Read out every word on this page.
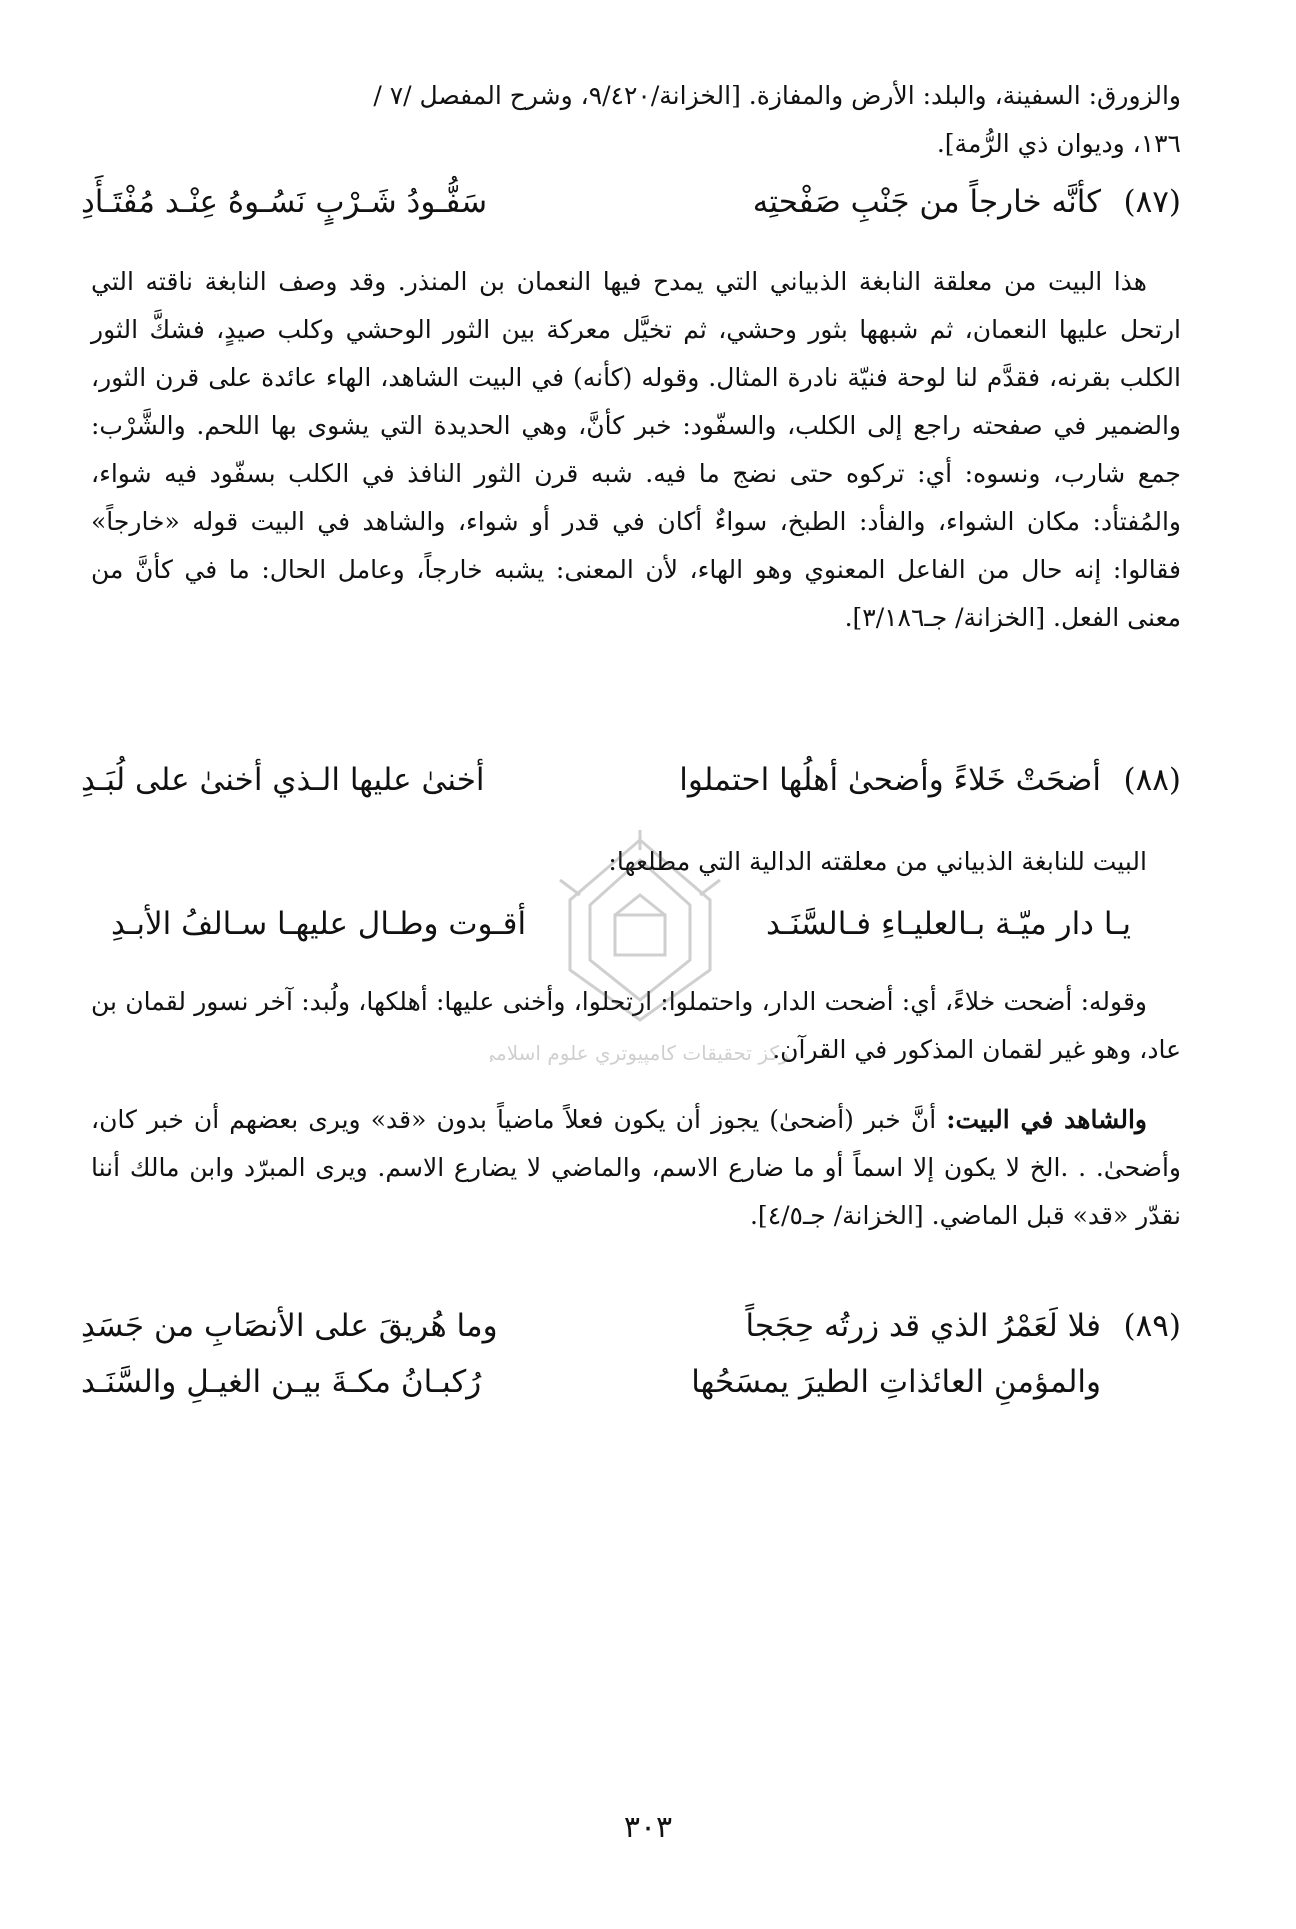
والزورق: السفينة، والبلد: الأرض والمفازة. [الخزانة/٩/٤٢٠، وشرح المفصل /٧ /
١٣٦، وديوان ذي الرُّمة].
(٨٧)
كأنَّه خارجاً من جَنْبِ صَفْحتِه
سَفُّـودُ شَـرْبٍ نَسُـوهُ عِنْـد مُفْتَـأَدِ
هذا البيت من معلقة النابغة الذبياني التي يمدح فيها النعمان بن المنذر. وقد وصف النابغة ناقته التي ارتحل عليها النعمان، ثم شبهها بثور وحشي، ثم تخيَّل معركة بين الثور الوحشي وكلب صيدٍ، فشكَّ الثور الكلب بقرنه، فقدَّم لنا لوحة فنيّة نادرة المثال. وقوله (كأنه) في البيت الشاهد، الهاء عائدة على قرن الثور، والضمير في صفحته راجع إلى الكلب، والسفّود: خبر كأنَّ، وهي الحديدة التي يشوى بها اللحم. والشَّرْب: جمع شارب، ونسوه: أي: تركوه حتى نضج ما فيه. شبه قرن الثور النافذ في الكلب بسفّود فيه شواء، والمُفتأد: مكان الشواء، والفأد: الطبخ، سواءٌ أكان في قدر أو شواء، والشاهد في البيت قوله «خارجاً» فقالوا: إنه حال من الفاعل المعنوي وهو الهاء، لأن المعنى: يشبه خارجاً، وعامل الحال: ما في كأنَّ من معنى الفعل. [الخزانة/ جـ٣/١٨٦].
(٨٨)
أضحَتْ خَلاءً وأضحىٰ أهلُها احتملوا
أخنىٰ عليها الـذي أخنىٰ على لُبَـدِ
البيت للنابغة الذبياني من معلقته الدالية التي مطلعها:
يـا دار ميّـة بـالعليـاءِ فـالسَّنَـد
أقـوت وطـال عليهـا سـالفُ الأبـدِ
وقوله: أضحت خلاءً، أي: أضحت الدار، واحتملوا: ارتحلوا، وأخنى عليها: أهلكها، ولُبد: آخر نسور لقمان بن عاد، وهو غير لقمان المذكور في القرآن.
والشاهد في البيت: أنَّ خبر (أضحىٰ) يجوز أن يكون فعلاً ماضياً بدون «قد» ويرى بعضهم أن خبر كان، وأضحىٰ. . .الخ لا يكون إلا اسماً أو ما ضارع الاسم، والماضي لا يضارع الاسم. ويرى المبرّد وابن مالك أننا نقدّر «قد» قبل الماضي. [الخزانة/ جـ٤/٥].
(٨٩)
فلا لَعَمْرُ الذي قد زرتُه حِجَجاً
وما هُريقَ على الأنصَابِ من جَسَدِ
والمؤمنِ العائذاتِ الطيرَ يمسَحُها
رُكبـانُ مكـةَ بيـن الغيـلِ والسَّنَـد
مركز تحقيقات كامپيوتري علوم اسلامي
٣٠٣
